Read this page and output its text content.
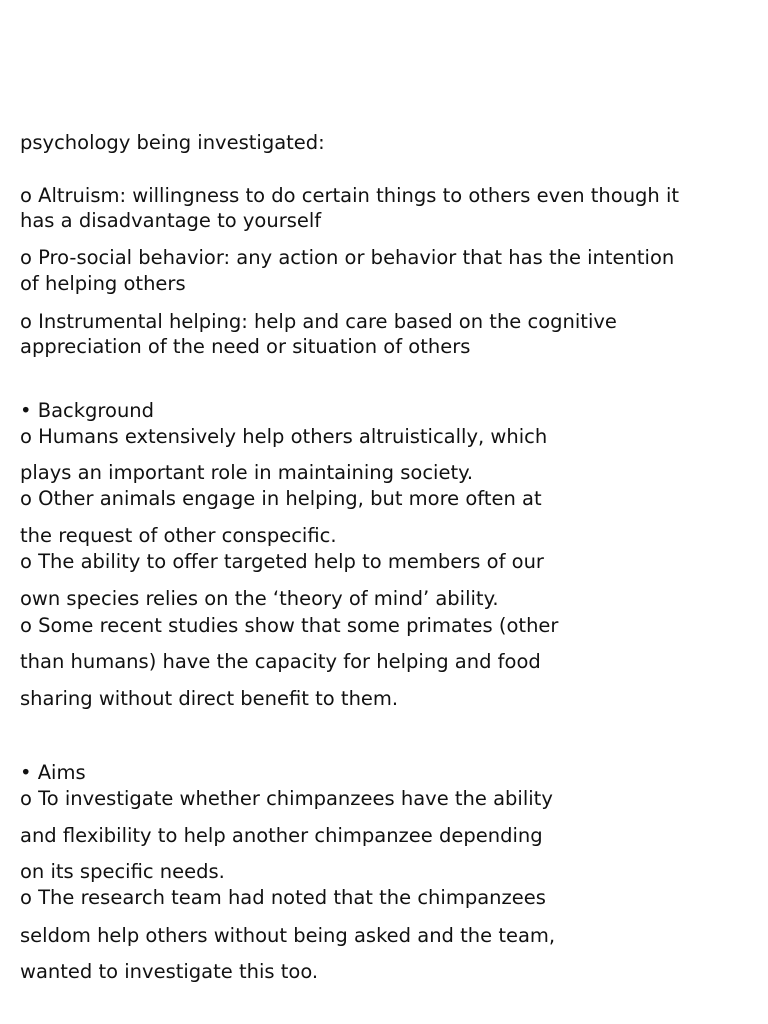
psychology being investigated:
o Altruism: willingness to do certain things to others even though it
has a disadvantage to yourself
o Pro-social behavior: any action or behavior that has the intention
of helping others
o Instrumental helping: help and care based on the cognitive
appreciation of the need or situation of others
• Background
o Humans extensively help others altruistically, which
plays an important role in maintaining society.
o Other animals engage in helping, but more often at
the request of other conspecific.
o The ability to offer targeted help to members of our
own species relies on the ‘theory of mind’ ability.
o Some recent studies show that some primates (other
than humans) have the capacity for helping and food
sharing without direct benefit to them.
• Aims
o To investigate whether chimpanzees have the ability
and flexibility to help another chimpanzee depending
on its specific needs.
o The research team had noted that the chimpanzees
seldom help others without being asked and the team,
wanted to investigate this too.
